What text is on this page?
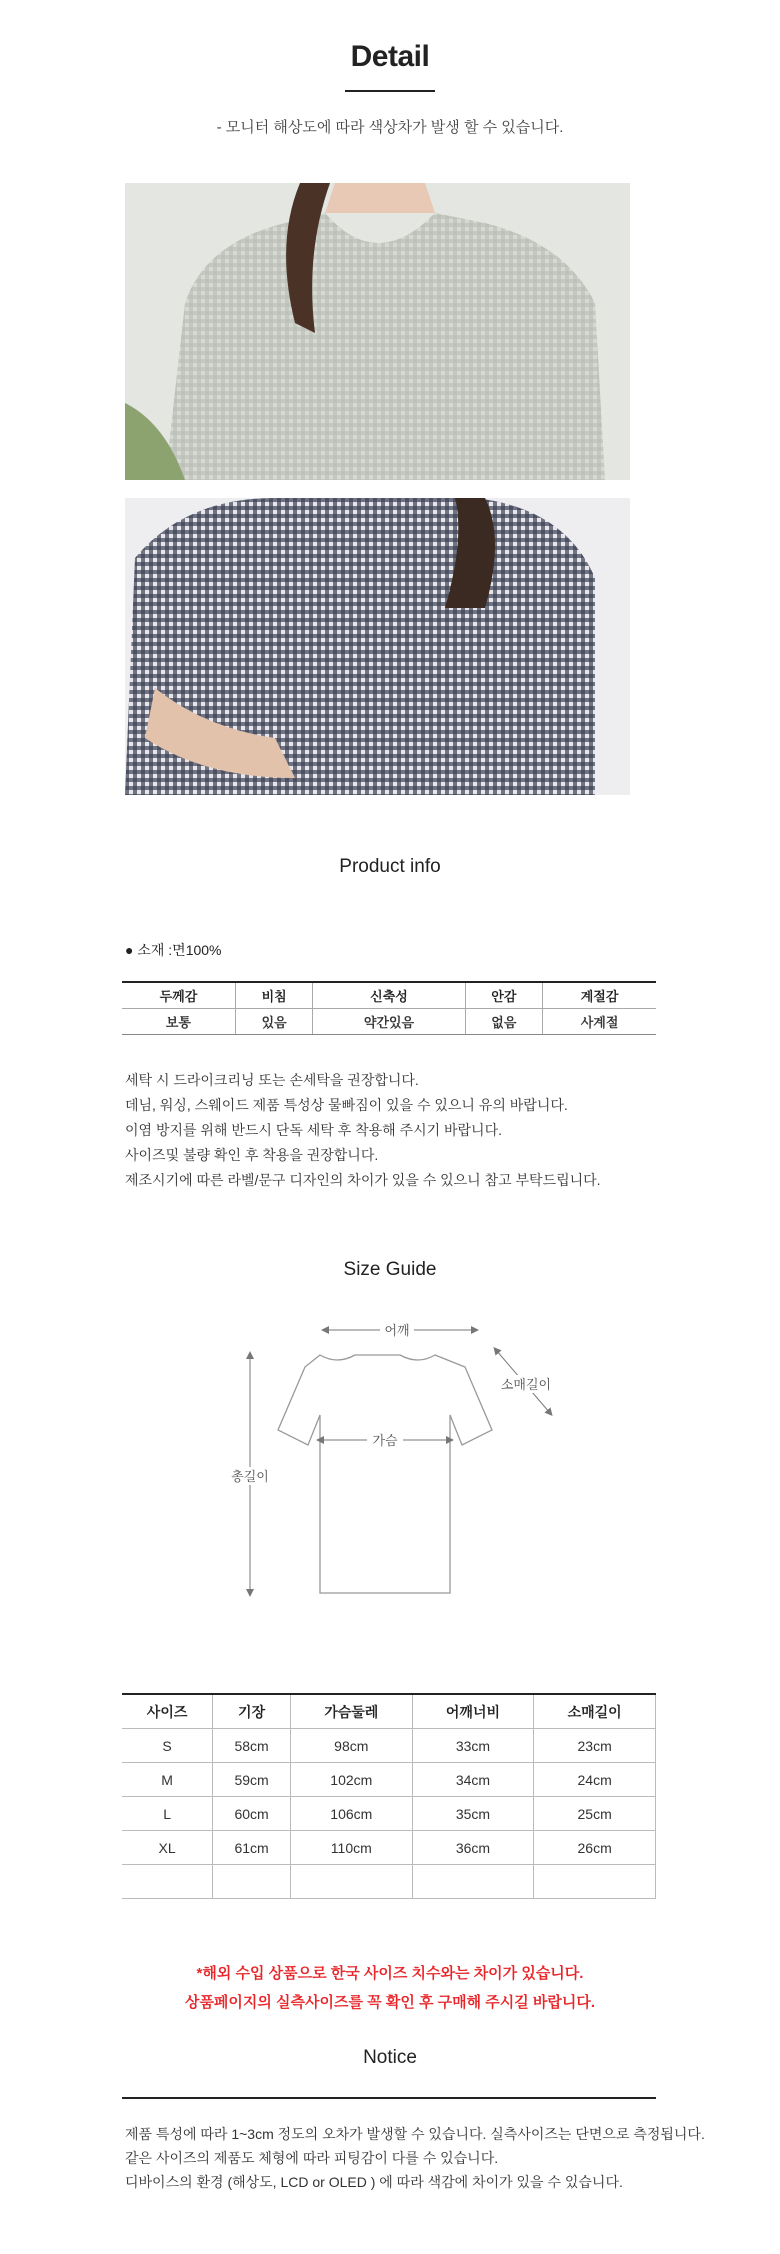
Detail
- 모니터 해상도에 따라 색상차가 발생 할 수 있습니다.
Product info
● 소재 :면100%
두께감	비침	신축성	안감	계절감
보통	있음	약간있음	없음	사계절
세탁 시 드라이크리닝 또는 손세탁을 권장합니다.
데님, 워싱, 스웨이드 제품 특성상 물빠짐이 있을 수 있으니 유의 바랍니다.
이염 방지를 위해 반드시 단독 세탁 후 착용해 주시기 바랍니다.
사이즈및 불량 확인 후 착용을 권장합니다.
제조시기에 따른 라벨/문구 디자인의 차이가 있을 수 있으니 참고 부탁드립니다.
Size Guide
어깨
소매길이
가슴
총길이
사이즈	기장	가슴둘레	어깨너비	소매길이
S	58cm	98cm	33cm	23cm
M	59cm	102cm	34cm	24cm
L	60cm	106cm	35cm	25cm
XL	61cm	110cm	36cm	26cm

*해외 수입 상품으로 한국 사이즈 치수와는 차이가 있습니다.
상품페이지의 실측사이즈를 꼭 확인 후 구매해 주시길 바랍니다.
Notice
제품 특성에 따라 1~3cm 정도의 오차가 발생할 수 있습니다. 실측사이즈는 단면으로 측정됩니다.
같은 사이즈의 제품도 체형에 따라 피팅감이 다를 수 있습니다.
디바이스의 환경 (해상도, LCD or OLED ) 에 따라 색감에 차이가 있을 수 있습니다.
